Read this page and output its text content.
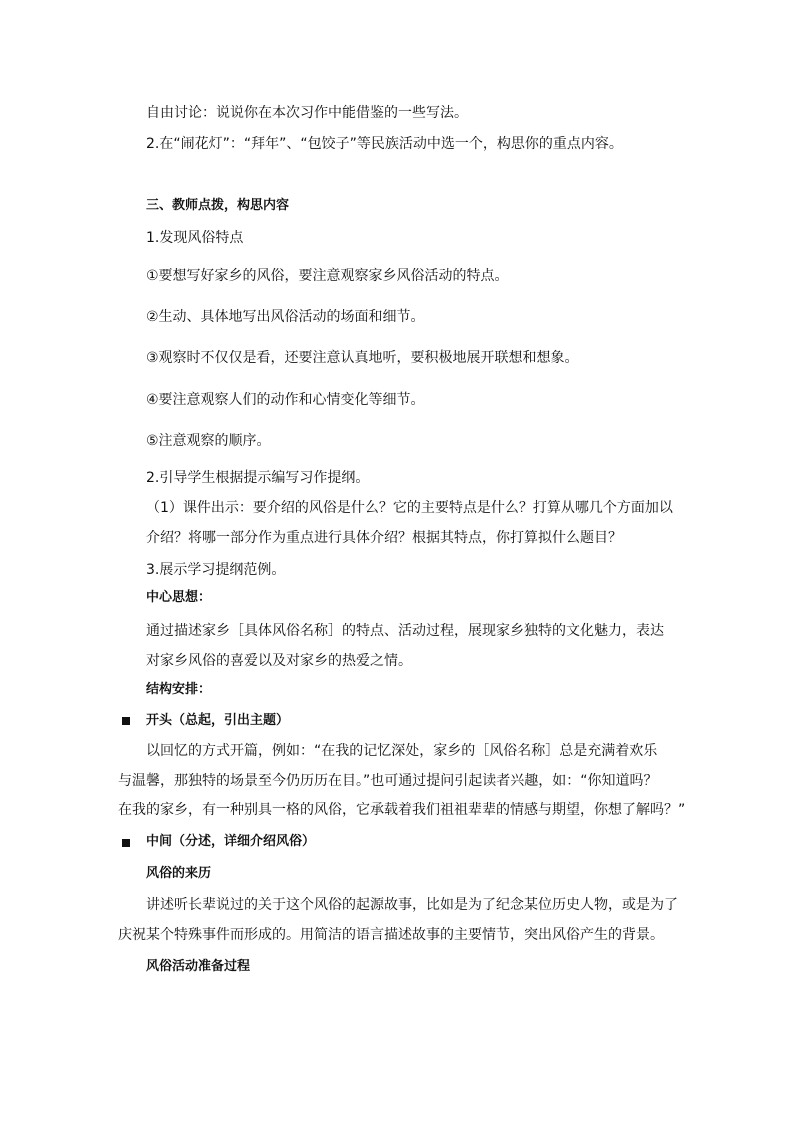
自由讨论：说说你在本次习作中能借鉴的一些写法。
2.在“闹花灯”：“拜年”、“包饺子”等民族活动中选一个，构思你的重点内容。
三、教师点拨，构思内容
1.发现风俗特点
①要想写好家乡的风俗，要注意观察家乡风俗活动的特点。
②生动、具体地写出风俗活动的场面和细节。
③观察时不仅仅是看，还要注意认真地听，要积极地展开联想和想象。
④要注意观察人们的动作和心情变化等细节。
⑤注意观察的顺序。
2.引导学生根据提示编写习作提纲。
（1）课件出示：要介绍的风俗是什么？它的主要特点是什么？打算从哪几个方面加以
介绍？将哪一部分作为重点进行具体介绍？根据其特点，你打算拟什么题目？
3.展示学习提纲范例。
中心思想：
通过描述家乡［具体风俗名称］的特点、活动过程，展现家乡独特的文化魅力，表达
对家乡风俗的喜爱以及对家乡的热爱之情。
结构安排：
开头（总起，引出主题）
以回忆的方式开篇，例如：“在我的记忆深处，家乡的［风俗名称］总是充满着欢乐
与温馨，那独特的场景至今仍历历在目。”也可通过提问引起读者兴趣，如：“你知道吗？
在我的家乡，有一种别具一格的风俗，它承载着我们祖祖辈辈的情感与期望，你想了解吗？”
中间（分述，详细介绍风俗）
风俗的来历
讲述听长辈说过的关于这个风俗的起源故事，比如是为了纪念某位历史人物，或是为了
庆祝某个特殊事件而形成的。用简洁的语言描述故事的主要情节，突出风俗产生的背景。
风俗活动准备过程
